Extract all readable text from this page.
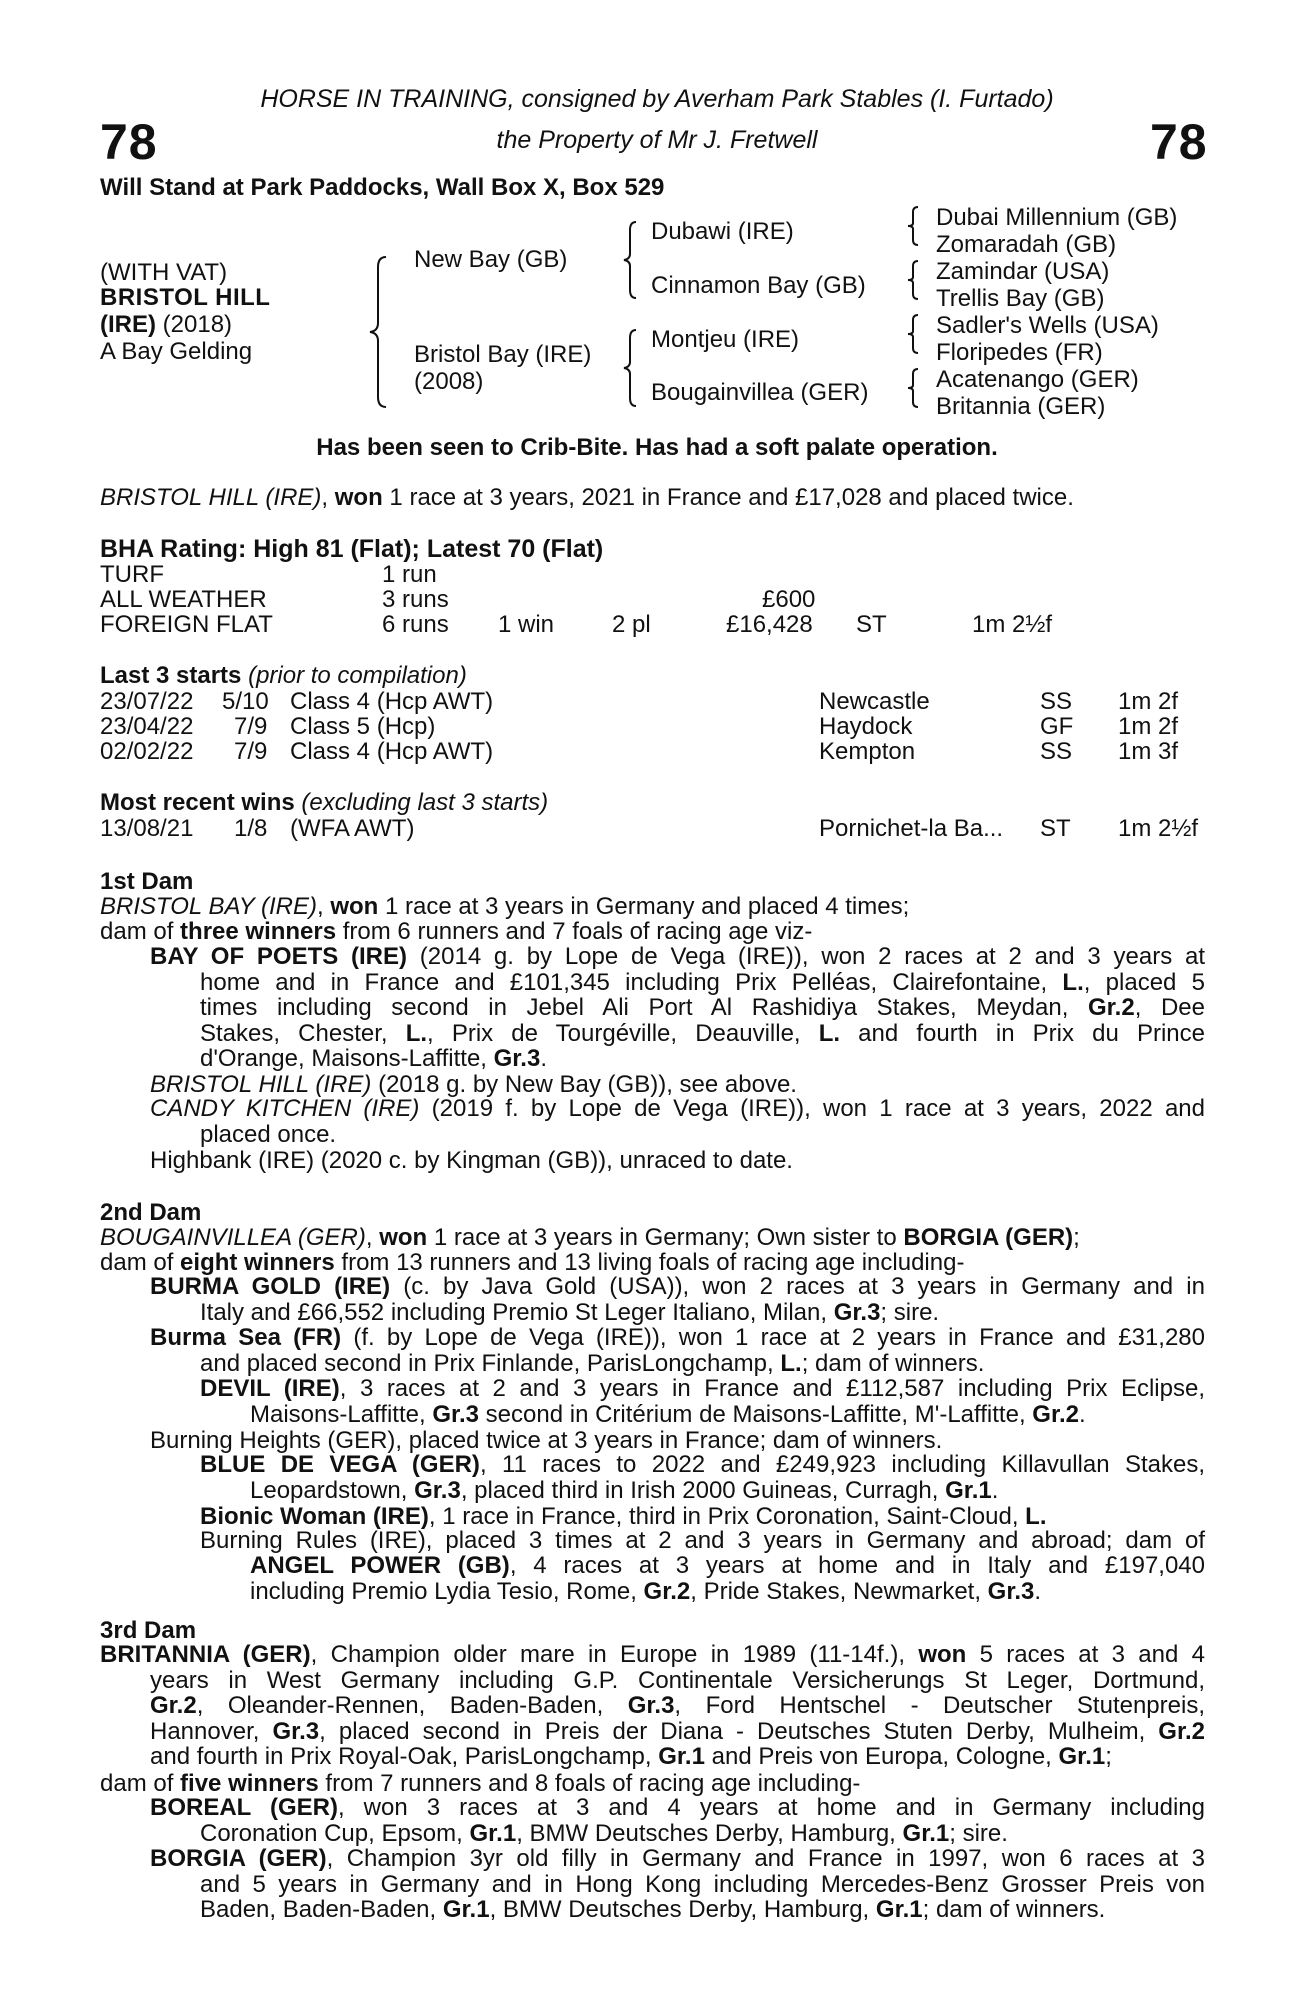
78	78
HORSE IN TRAINING, consigned by Averham Park Stables (I. Furtado)
the Property of Mr J. Fretwell
Will Stand at Park Paddocks, Wall Box X, Box 529
(WITH VAT)
BRISTOL HILL
(IRE) (2018)
A Bay Gelding
New Bay (GB)
Bristol Bay (IRE)
(2008)
Dubawi (IRE)
Cinnamon Bay (GB)
Montjeu (IRE)
Bougainvillea (GER)
Dubai Millennium (GB)
Zomaradah (GB)
Zamindar (USA)
Trellis Bay (GB)
Sadler's Wells (USA)
Floripedes (FR)
Acatenango (GER)
Britannia (GER)
Has been seen to Crib-Bite. Has had a soft palate operation.
BRISTOL HILL (IRE), won 1 race at 3 years, 2021 in France and £17,028 and placed twice.
BHA Rating: High 81 (Flat); Latest 70 (Flat)
TURF	1 run
ALL WEATHER	3 runs	£600
FOREIGN FLAT	6 runs 1 win 2 pl	£16,428 ST	1m 2½f
Last 3 starts (prior to compilation)
23/07/22 5/10 Class 4 (Hcp AWT)	Newcastle	SS 1m 2f
23/04/22 7/9 Class 5 (Hcp)	Haydock	GF 1m 2f
02/02/22 7/9 Class 4 (Hcp AWT)	Kempton	SS 1m 3f
Most recent wins (excluding last 3 starts)
13/08/21 1/8 (WFA AWT)	Pornichet-la Ba... ST 1m 2½f
1st Dam
BRISTOL BAY (IRE), won 1 race at 3 years in Germany and placed 4 times;
dam of three winners from 6 runners and 7 foals of racing age viz-
BAY OF POETS (IRE) (2014 g. by Lope de Vega (IRE)), won 2 races at 2 and 3 years at
home and in France and £101,345 including Prix Pelléas, Clairefontaine, L., placed 5
times including second in Jebel Ali Port Al Rashidiya Stakes, Meydan, Gr.2, Dee
Stakes, Chester, L., Prix de Tourgéville, Deauville, L. and fourth in Prix du Prince
d'Orange, Maisons-Laffitte, Gr.3.
BRISTOL HILL (IRE) (2018 g. by New Bay (GB)), see above.
CANDY KITCHEN (IRE) (2019 f. by Lope de Vega (IRE)), won 1 race at 3 years, 2022 and
placed once.
Highbank (IRE) (2020 c. by Kingman (GB)), unraced to date.
2nd Dam
BOUGAINVILLEA (GER), won 1 race at 3 years in Germany; Own sister to BORGIA (GER);
dam of eight winners from 13 runners and 13 living foals of racing age including-
BURMA GOLD (IRE) (c. by Java Gold (USA)), won 2 races at 3 years in Germany and in
Italy and £66,552 including Premio St Leger Italiano, Milan, Gr.3; sire.
Burma Sea (FR) (f. by Lope de Vega (IRE)), won 1 race at 2 years in France and £31,280
and placed second in Prix Finlande, ParisLongchamp, L.; dam of winners.
DEVIL (IRE), 3 races at 2 and 3 years in France and £112,587 including Prix Eclipse,
Maisons-Laffitte, Gr.3 second in Critérium de Maisons-Laffitte, M'-Laffitte, Gr.2.
Burning Heights (GER), placed twice at 3 years in France; dam of winners.
BLUE DE VEGA (GER), 11 races to 2022 and £249,923 including Killavullan Stakes,
Leopardstown, Gr.3, placed third in Irish 2000 Guineas, Curragh, Gr.1.
Bionic Woman (IRE), 1 race in France, third in Prix Coronation, Saint-Cloud, L.
Burning Rules (IRE), placed 3 times at 2 and 3 years in Germany and abroad; dam of
ANGEL POWER (GB), 4 races at 3 years at home and in Italy and £197,040
including Premio Lydia Tesio, Rome, Gr.2, Pride Stakes, Newmarket, Gr.3.
3rd Dam
BRITANNIA (GER), Champion older mare in Europe in 1989 (11-14f.), won 5 races at 3 and 4
years in West Germany including G.P. Continentale Versicherungs St Leger, Dortmund,
Gr.2, Oleander-Rennen, Baden-Baden, Gr.3, Ford Hentschel - Deutscher Stutenpreis,
Hannover, Gr.3, placed second in Preis der Diana - Deutsches Stuten Derby, Mulheim, Gr.2
and fourth in Prix Royal-Oak, ParisLongchamp, Gr.1 and Preis von Europa, Cologne, Gr.1;
dam of five winners from 7 runners and 8 foals of racing age including-
BOREAL (GER), won 3 races at 3 and 4 years at home and in Germany including
Coronation Cup, Epsom, Gr.1, BMW Deutsches Derby, Hamburg, Gr.1; sire.
BORGIA (GER), Champion 3yr old filly in Germany and France in 1997, won 6 races at 3
and 5 years in Germany and in Hong Kong including Mercedes-Benz Grosser Preis von
Baden, Baden-Baden, Gr.1, BMW Deutsches Derby, Hamburg, Gr.1; dam of winners.
